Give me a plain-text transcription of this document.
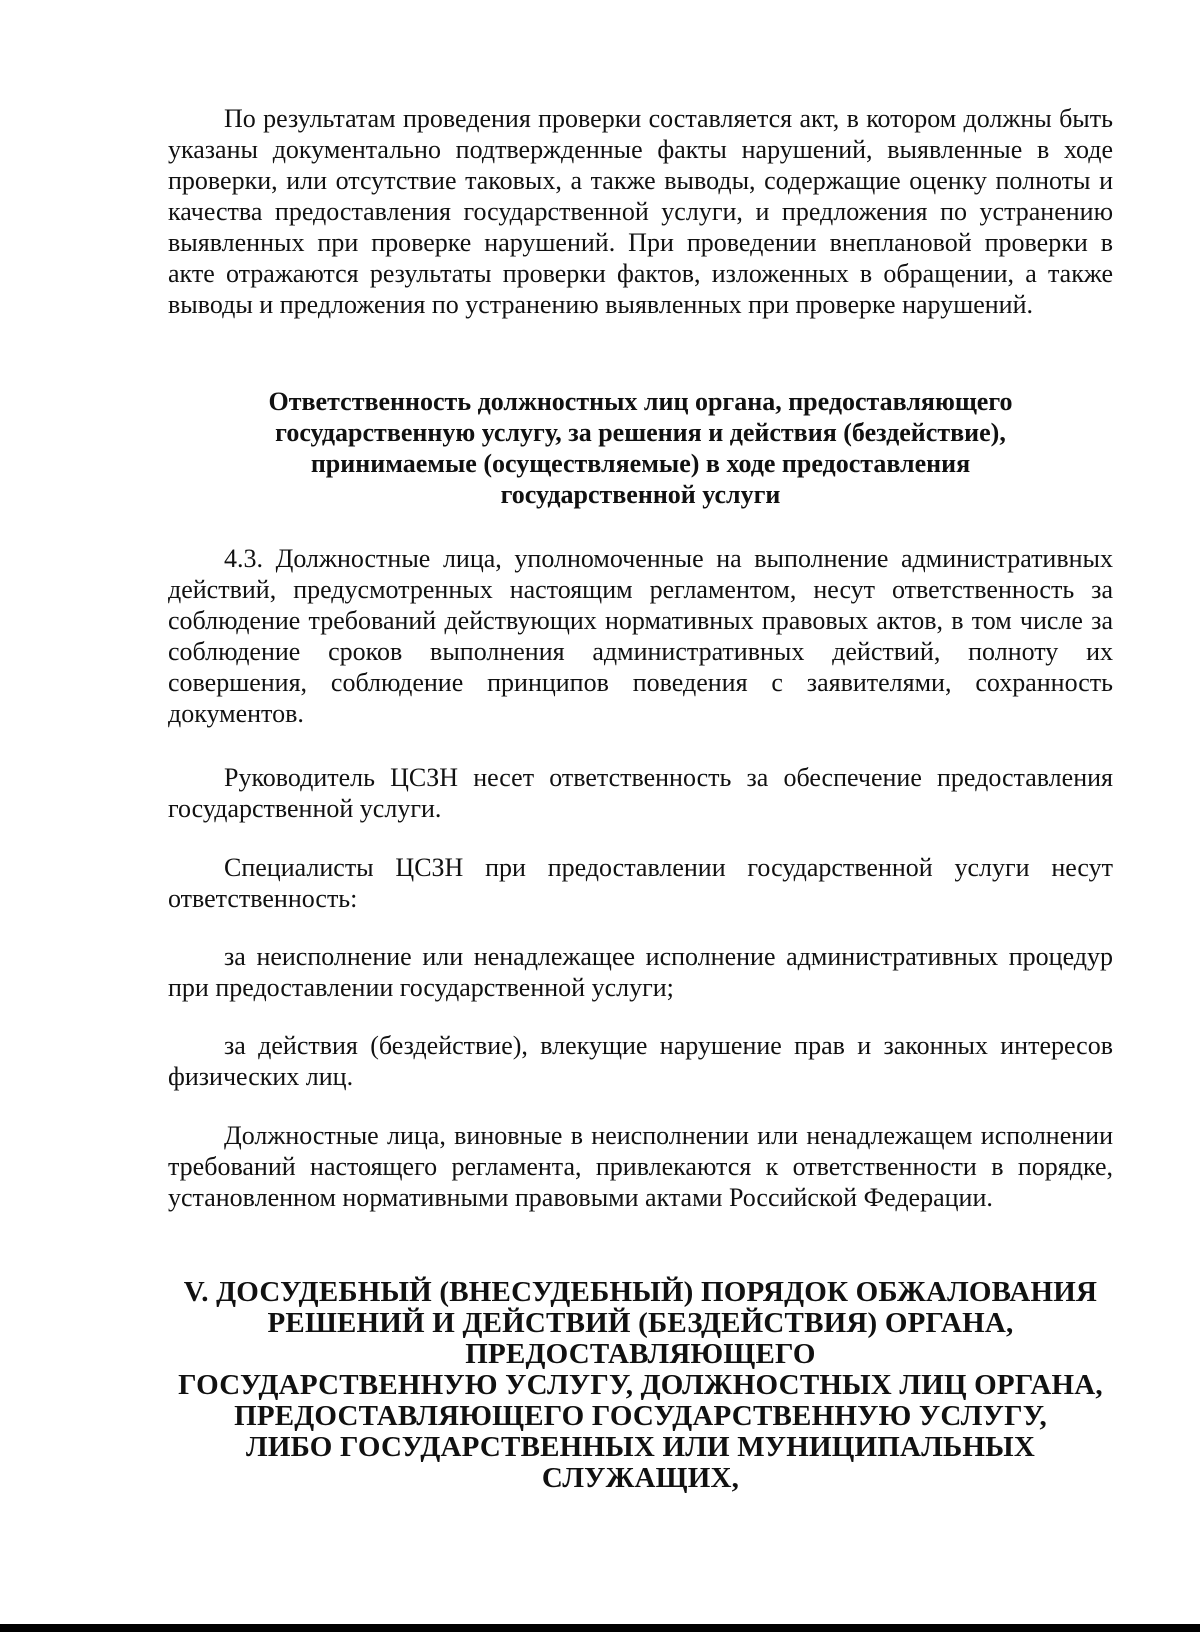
По результатам проведения проверки составляется акт, в котором должны быть указаны документально подтвержденные факты нарушений, выявленные в ходе проверки, или отсутствие таковых, а также выводы, содержащие оценку полноты и качества предоставления государственной услуги, и предложения по устранению выявленных при проверке нарушений. При проведении внеплановой проверки в акте отражаются результаты проверки фактов, изложенных в обращении, а также выводы и предложения по устранению выявленных при проверке нарушений.

Ответственность должностных лиц органа, предоставляющего
государственную услугу, за решения и действия (бездействие),
принимаемые (осуществляемые) в ходе предоставления
государственной услуги

4.3. Должностные лица, уполномоченные на выполнение административных действий, предусмотренных настоящим регламентом, несут ответственность за соблюдение требований действующих нормативных правовых актов, в том числе за соблюдение сроков выполнения административных действий, полноту их совершения, соблюдение принципов поведения с заявителями, сохранность документов.

Руководитель ЦСЗН несет ответственность за обеспечение предоставления государственной услуги.

Специалисты ЦСЗН при предоставлении государственной услуги несут ответственность:

за неисполнение или ненадлежащее исполнение административных процедур при предоставлении государственной услуги;

за действия (бездействие), влекущие нарушение прав и законных интересов физических лиц.

Должностные лица, виновные в неисполнении или ненадлежащем исполнении требований настоящего регламента, привлекаются к ответственности в порядке, установленном нормативными правовыми актами Российской Федерации.

V. ДОСУДЕБНЫЙ (ВНЕСУДЕБНЫЙ) ПОРЯДОК ОБЖАЛОВАНИЯ
РЕШЕНИЙ И ДЕЙСТВИЙ (БЕЗДЕЙСТВИЯ) ОРГАНА,
ПРЕДОСТАВЛЯЮЩЕГО
ГОСУДАРСТВЕННУЮ УСЛУГУ, ДОЛЖНОСТНЫХ ЛИЦ ОРГАНА,
ПРЕДОСТАВЛЯЮЩЕГО ГОСУДАРСТВЕННУЮ УСЛУГУ,
ЛИБО ГОСУДАРСТВЕННЫХ ИЛИ МУНИЦИПАЛЬНЫХ
СЛУЖАЩИХ,
